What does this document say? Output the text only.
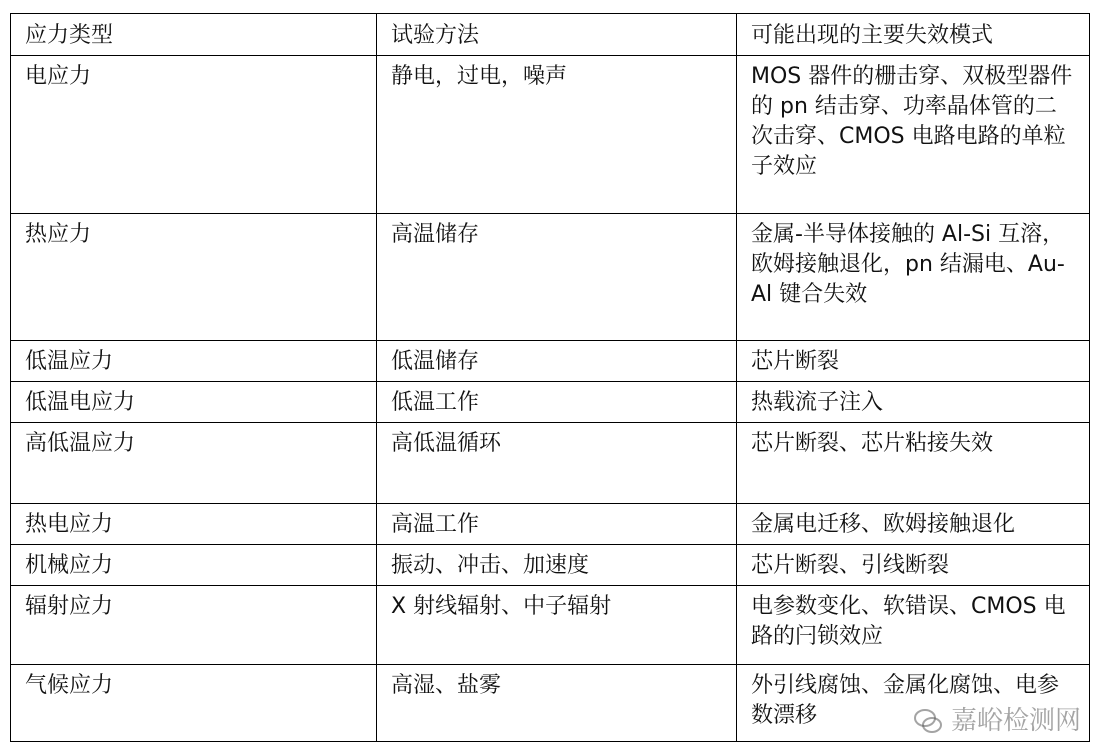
应力类型	试验方法	可能出现的主要失效模式
电应力	静电，过电，噪声	MOS 器件的栅击穿、双极型器件的 pn 结击穿、功率晶体管的二次击穿、CMOS 电路电路的单粒子效应
热应力	高温储存	金属-半导体接触的 Al-Si 互溶，欧姆接触退化，pn 结漏电、Au-Al 键合失效
低温应力	低温储存	芯片断裂
低温电应力	低温工作	热载流子注入
高低温应力	高低温循环	芯片断裂、芯片粘接失效
热电应力	高温工作	金属电迁移、欧姆接触退化
机械应力	振动、冲击、加速度	芯片断裂、引线断裂
辐射应力	X 射线辐射、中子辐射	电参数变化、软错误、CMOS 电路的闩锁效应
气候应力	高湿、盐雾	外引线腐蚀、金属化腐蚀、电参数漂移	嘉峪检测网
